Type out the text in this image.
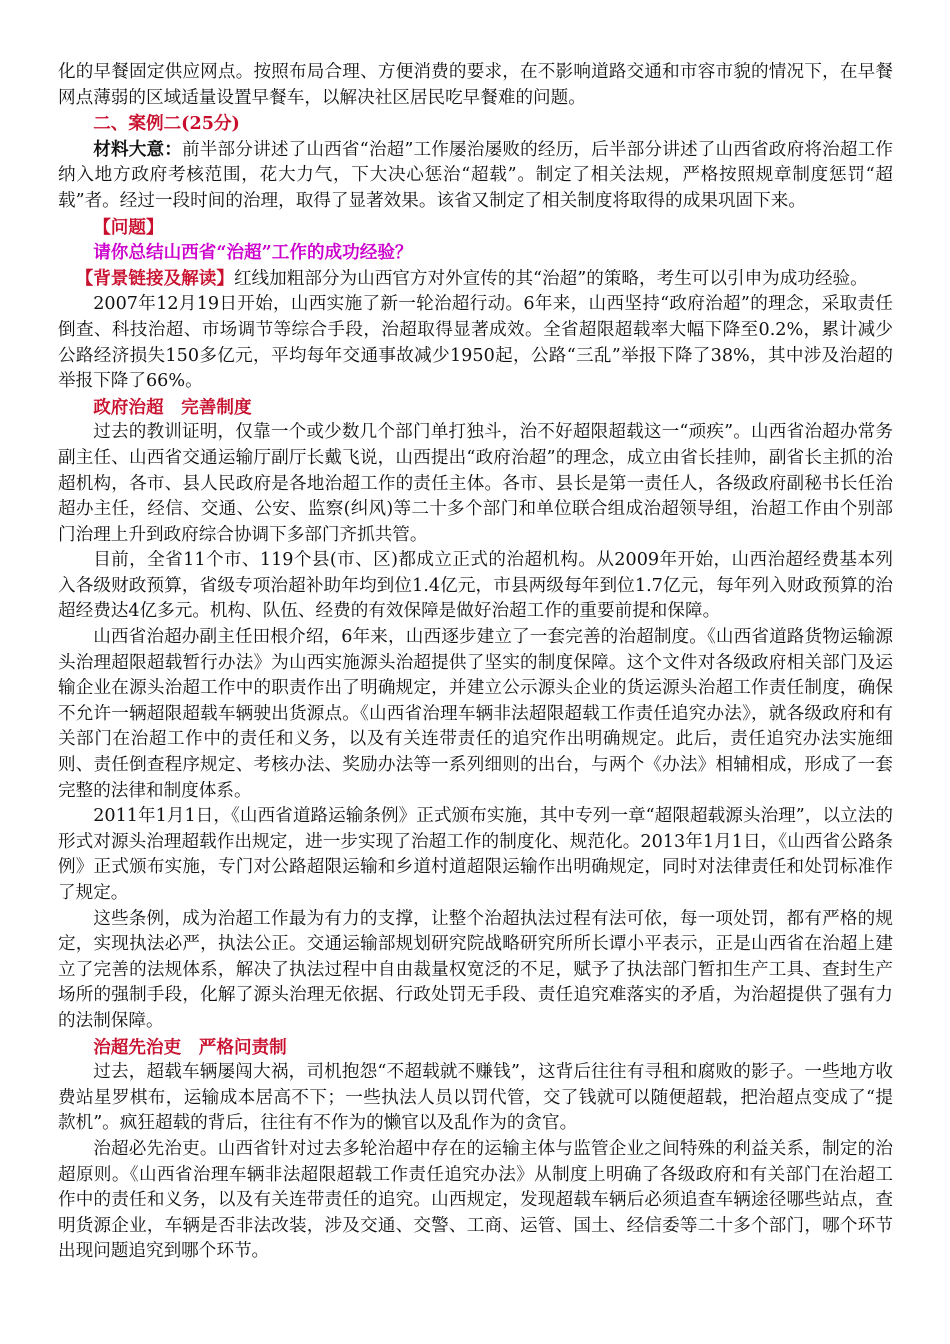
化的早餐固定供应网点。按照布局合理、方便消费的要求，在不影响道路交通和市容市貌的情况下，在早餐网点薄弱的区域适量设置早餐车，以解决社区居民吃早餐难的问题。

二、案例二(25分)

材料大意：前半部分讲述了山西省“治超”工作屡治屡败的经历，后半部分讲述了山西省政府将治超工作纳入地方政府考核范围，花大力气，下大决心惩治“超载”。制定了相关法规，严格按照规章制度惩罚“超载”者。经过一段时间的治理，取得了显著效果。该省又制定了相关制度将取得的成果巩固下来。

【问题】

请你总结山西省“治超”工作的成功经验？

【背景链接及解读】红线加粗部分为山西官方对外宣传的其“治超”的策略，考生可以引申为成功经验。

2007年12月19日开始，山西实施了新一轮治超行动。6年来，山西坚持“政府治超”的理念，采取责任倒查、科技治超、市场调节等综合手段，治超取得显著成效。全省超限超载率大幅下降至0.2%，累计减少公路经济损失150多亿元，平均每年交通事故减少1950起，公路“三乱”举报下降了38%，其中涉及治超的举报下降了66%。

政府治超　完善制度

过去的教训证明，仅靠一个或少数几个部门单打独斗，治不好超限超载这一“顽疾”。山西省治超办常务副主任、山西省交通运输厅副厅长戴飞说，山西提出“政府治超”的理念，成立由省长挂帅，副省长主抓的治超机构，各市、县人民政府是各地治超工作的责任主体。各市、县长是第一责任人，各级政府副秘书长任治超办主任，经信、交通、公安、监察(纠风)等二十多个部门和单位联合组成治超领导组，治超工作由个别部门治理上升到政府综合协调下多部门齐抓共管。

目前，全省11个市、119个县(市、区)都成立正式的治超机构。从2009年开始，山西治超经费基本列入各级财政预算，省级专项治超补助年均到位1.4亿元，市县两级每年到位1.7亿元，每年列入财政预算的治超经费达4亿多元。机构、队伍、经费的有效保障是做好治超工作的重要前提和保障。

山西省治超办副主任田根介绍，6年来，山西逐步建立了一套完善的治超制度。《山西省道路货物运输源头治理超限超载暂行办法》为山西实施源头治超提供了坚实的制度保障。这个文件对各级政府相关部门及运输企业在源头治超工作中的职责作出了明确规定，并建立公示源头企业的货运源头治超工作责任制度，确保不允许一辆超限超载车辆驶出货源点。《山西省治理车辆非法超限超载工作责任追究办法》，就各级政府和有关部门在治超工作中的责任和义务，以及有关连带责任的追究作出明确规定。此后，责任追究办法实施细则、责任倒查程序规定、考核办法、奖励办法等一系列细则的出台，与两个《办法》相辅相成，形成了一套完整的法律和制度体系。

2011年1月1日，《山西省道路运输条例》正式颁布实施，其中专列一章“超限超载源头治理”，以立法的形式对源头治理超载作出规定，进一步实现了治超工作的制度化、规范化。2013年1月1日，《山西省公路条例》正式颁布实施，专门对公路超限运输和乡道村道超限运输作出明确规定，同时对法律责任和处罚标准作了规定。

这些条例，成为治超工作最为有力的支撑，让整个治超执法过程有法可依，每一项处罚，都有严格的规定，实现执法必严，执法公正。交通运输部规划研究院战略研究所所长谭小平表示，正是山西省在治超上建立了完善的法规体系，解决了执法过程中自由裁量权宽泛的不足，赋予了执法部门暂扣生产工具、查封生产场所的强制手段，化解了源头治理无依据、行政处罚无手段、责任追究难落实的矛盾，为治超提供了强有力的法制保障。

治超先治吏　严格问责制

过去，超载车辆屡闯大祸，司机抱怨“不超载就不赚钱”，这背后往往有寻租和腐败的影子。一些地方收费站星罗棋布，运输成本居高不下；一些执法人员以罚代管，交了钱就可以随便超载，把治超点变成了“提款机”。疯狂超载的背后，往往有不作为的懒官以及乱作为的贪官。

治超必先治吏。山西省针对过去多轮治超中存在的运输主体与监管企业之间特殊的利益关系，制定的治超原则。《山西省治理车辆非法超限超载工作责任追究办法》从制度上明确了各级政府和有关部门在治超工作中的责任和义务，以及有关连带责任的追究。山西规定，发现超载车辆后必须追查车辆途径哪些站点，查明货源企业，车辆是否非法改装，涉及交通、交警、工商、运管、国土、经信委等二十多个部门，哪个环节出现问题追究到哪个环节。
